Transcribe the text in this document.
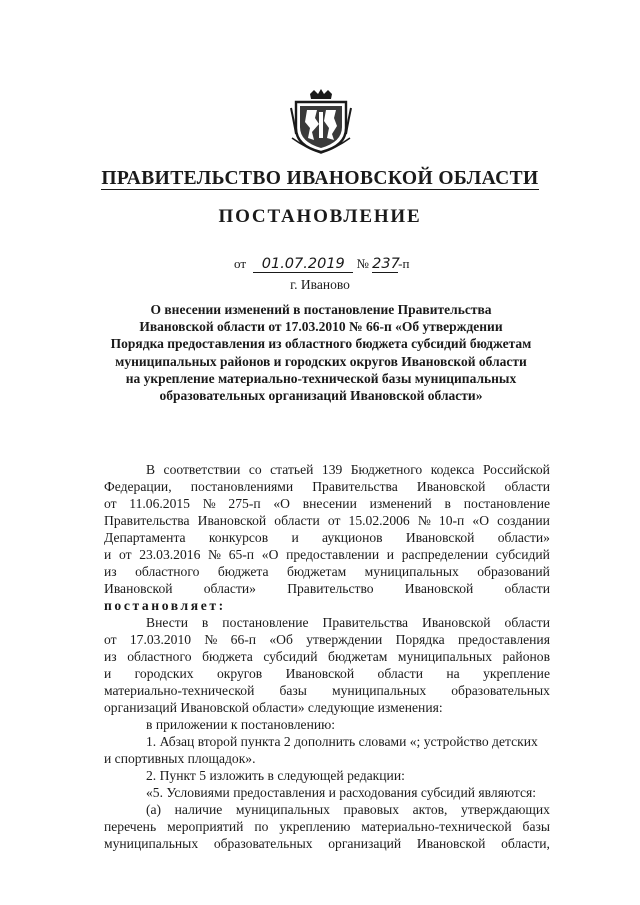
ПРАВИТЕЛЬСТВО ИВАНОВСКОЙ ОБЛАСТИ
ПОСТАНОВЛЕНИЕ
от 01.07.2019 № 237-п
г. Иваново
О внесении изменений в постановление Правительства
Ивановской области от 17.03.2010 № 66-п «Об утверждении
Порядка предоставления из областного бюджета субсидий бюджетам
муниципальных районов и городских округов Ивановской области
на укрепление материально-технической базы муниципальных
образовательных организаций Ивановской области»
В соответствии со статьей 139 Бюджетного кодекса Российской
Федерации, постановлениями Правительства Ивановской области
от 11.06.2015 № 275-п «О внесении изменений в постановление
Правительства Ивановской области от 15.02.2006 № 10-п «О создании
Департамента конкурсов и аукционов Ивановской области»
и от 23.03.2016 № 65-п «О предоставлении и распределении субсидий
из областного бюджета бюджетам муниципальных образований
Ивановской области» Правительство Ивановской области
постановляет:
Внести в постановление Правительства Ивановской области
от 17.03.2010 № 66-п «Об утверждении Порядка предоставления
из областного бюджета субсидий бюджетам муниципальных районов
и городских округов Ивановской области на укрепление
материально-технической базы муниципальных образовательных
организаций Ивановской области» следующие изменения:
в приложении к постановлению:
1. Абзац второй пункта 2 дополнить словами «; устройство детских
и спортивных площадок».
2. Пункт 5 изложить в следующей редакции:
«5. Условиями предоставления и расходования субсидий являются:
(а) наличие муниципальных правовых актов, утверждающих
перечень мероприятий по укреплению материально-технической базы
муниципальных образовательных организаций Ивановской области,
